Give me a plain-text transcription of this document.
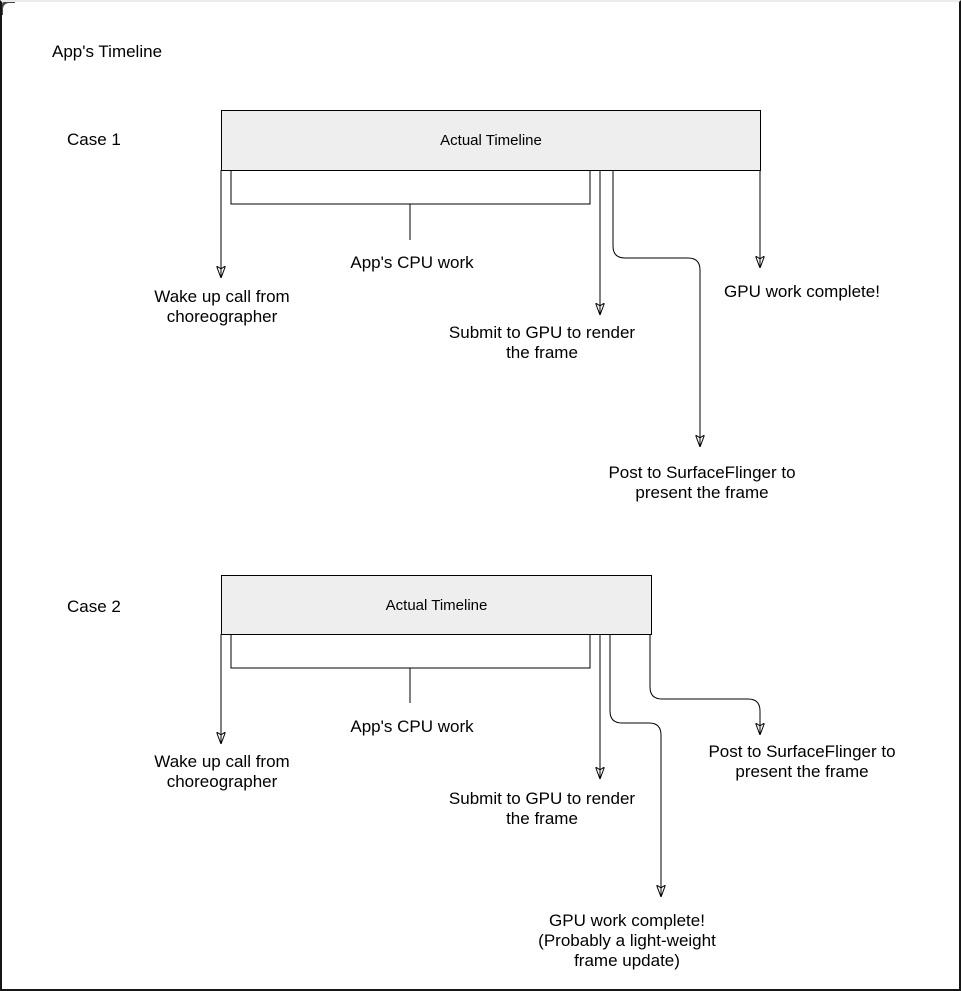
App's Timeline
Case 1	Actual Timeline
Wake up call from
choreographer
App's CPU work
Submit to GPU to render
the frame
GPU work complete!
Post to SurfaceFlinger to
present the frame
Case 2	Actual Timeline
Wake up call from
choreographer
App's CPU work
Submit to GPU to render
the frame
Post to SurfaceFlinger to
present the frame
GPU work complete!
(Probably a light-weight
frame update)
